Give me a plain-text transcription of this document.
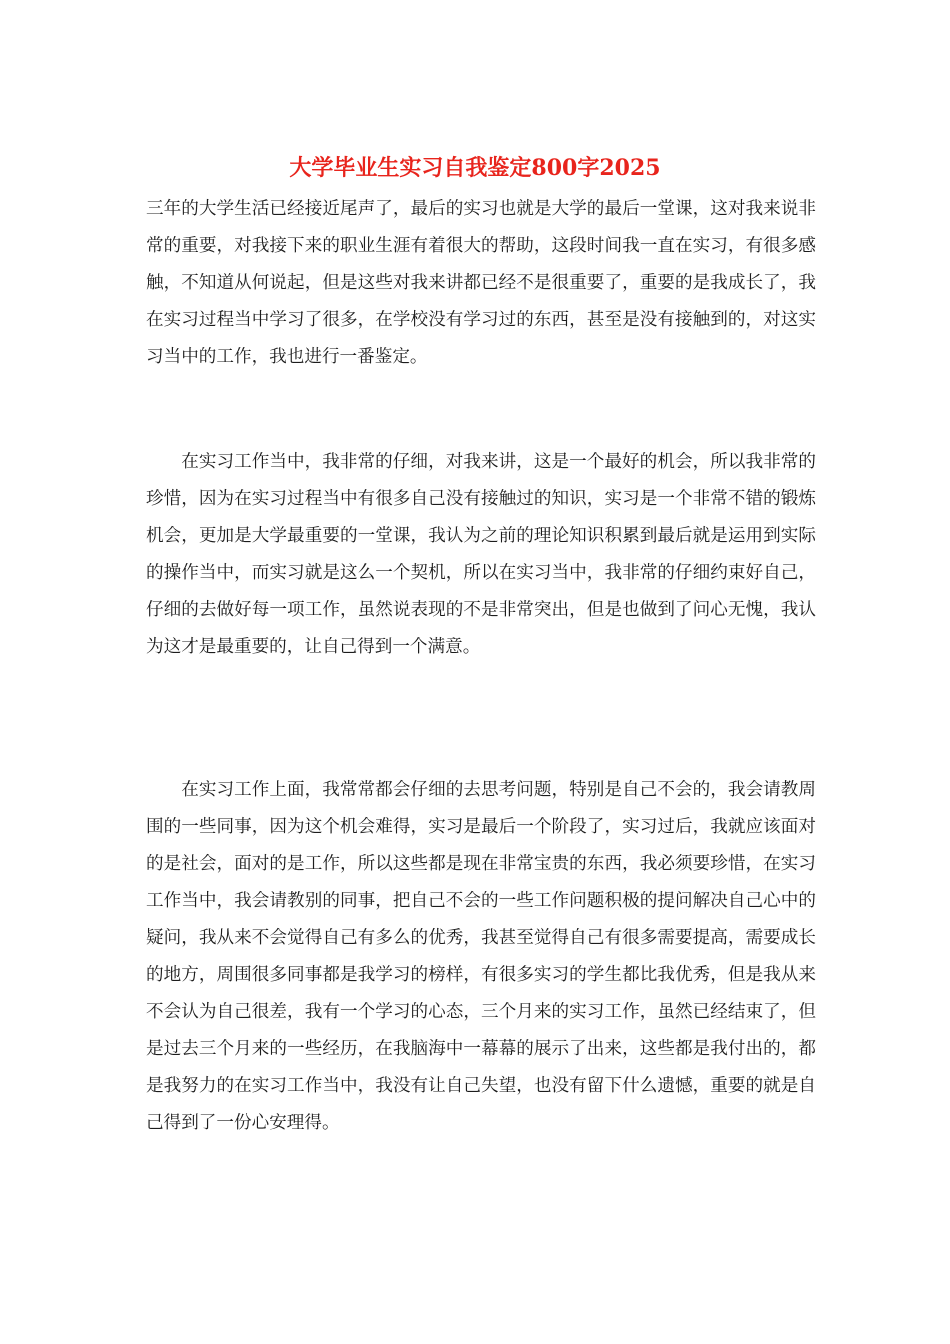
大学毕业生实习自我鉴定800字2025

三年的大学生活已经接近尾声了，最后的实习也就是大学的最后一堂课，这对我来说非常的重要，对我接下来的职业生涯有着很大的帮助，这段时间我一直在实习，有很多感触，不知道从何说起，但是这些对我来讲都已经不是很重要了，重要的是我成长了，我在实习过程当中学习了很多，在学校没有学习过的东西，甚至是没有接触到的，对这实习当中的工作，我也进行一番鉴定。

在实习工作当中，我非常的仔细，对我来讲，这是一个最好的机会，所以我非常的珍惜，因为在实习过程当中有很多自己没有接触过的知识，实习是一个非常不错的锻炼机会，更加是大学最重要的一堂课，我认为之前的理论知识积累到最后就是运用到实际的操作当中，而实习就是这么一个契机，所以在实习当中，我非常的仔细约束好自己，仔细的去做好每一项工作，虽然说表现的不是非常突出，但是也做到了问心无愧，我认为这才是最重要的，让自己得到一个满意。

在实习工作上面，我常常都会仔细的去思考问题，特别是自己不会的，我会请教周围的一些同事，因为这个机会难得，实习是最后一个阶段了，实习过后，我就应该面对的是社会，面对的是工作，所以这些都是现在非常宝贵的东西，我必须要珍惜，在实习工作当中，我会请教别的同事，把自己不会的一些工作问题积极的提问解决自己心中的疑问，我从来不会觉得自己有多么的优秀，我甚至觉得自己有很多需要提高，需要成长的地方，周围很多同事都是我学习的榜样，有很多实习的学生都比我优秀，但是我从来不会认为自己很差，我有一个学习的心态，三个月来的实习工作，虽然已经结束了，但是过去三个月来的一些经历，在我脑海中一幕幕的展示了出来，这些都是我付出的，都是我努力的在实习工作当中，我没有让自己失望，也没有留下什么遗憾，重要的就是自己得到了一份心安理得。
